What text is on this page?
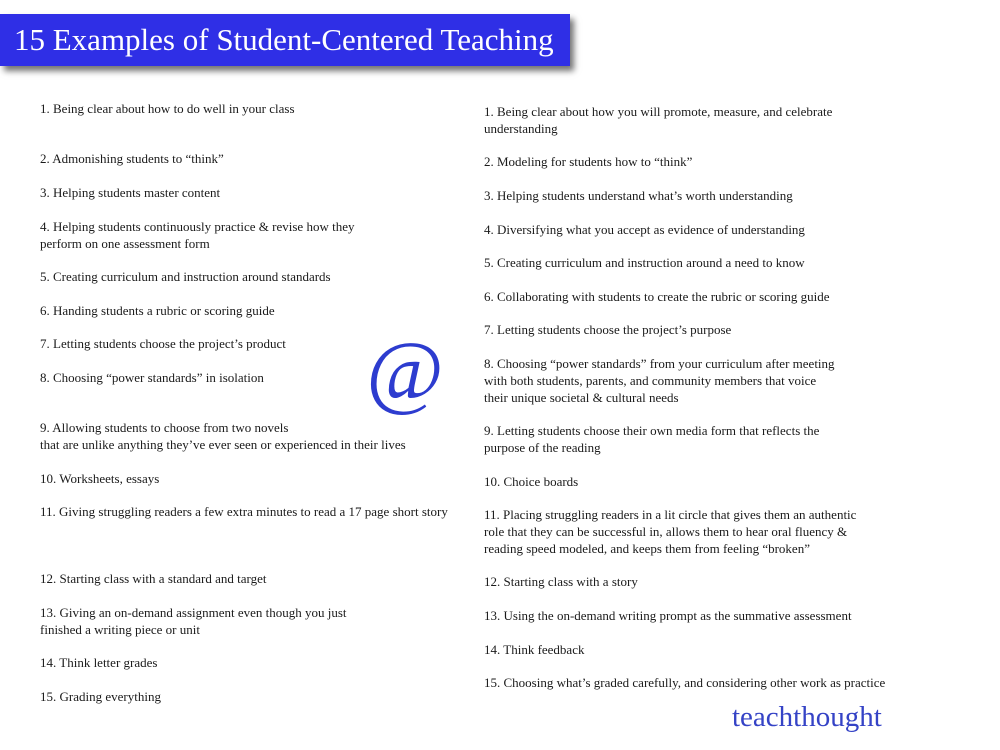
15 Examples of Student-Centered Teaching
1. Being clear about how to do well in your class
2. Admonishing students to “think”
3. Helping students master content
4. Helping students continuously practice & revise how they
perform on one assessment form
5. Creating curriculum and instruction around standards
6. Handing students a rubric or scoring guide
7. Letting students choose the project’s product
8. Choosing “power standards” in isolation
9. Allowing students to choose from two novels
that are unlike anything they’ve ever seen or experienced in their lives
10. Worksheets, essays
11. Giving struggling readers a few extra minutes to read a 17 page short story
12. Starting class with a standard and target
13. Giving an on-demand assignment even though you just
finished a writing piece or unit
14. Think letter grades
15. Grading everything
1. Being clear about how you will promote, measure, and celebrate
understanding
2. Modeling for students how to “think”
3. Helping students understand what’s worth understanding
4. Diversifying what you accept as evidence of understanding
5. Creating curriculum and instruction around a need to know
6. Collaborating with students to create the rubric or scoring guide
7. Letting students choose the project’s purpose
8. Choosing “power standards” from your curriculum after meeting
with both students, parents, and community members that voice
their unique societal & cultural needs
9. Letting students choose their own media form that reflects the
purpose of the reading
10. Choice boards
11. Placing struggling readers in a lit circle that gives them an authentic
role that they can be successful in, allows them to hear oral fluency &
reading speed modeled, and keeps them from feeling “broken”
12. Starting class with a story
13. Using the on-demand writing prompt as the summative assessment
14. Think feedback
15. Choosing what’s graded carefully, and considering other work as practice
@
teachthought
